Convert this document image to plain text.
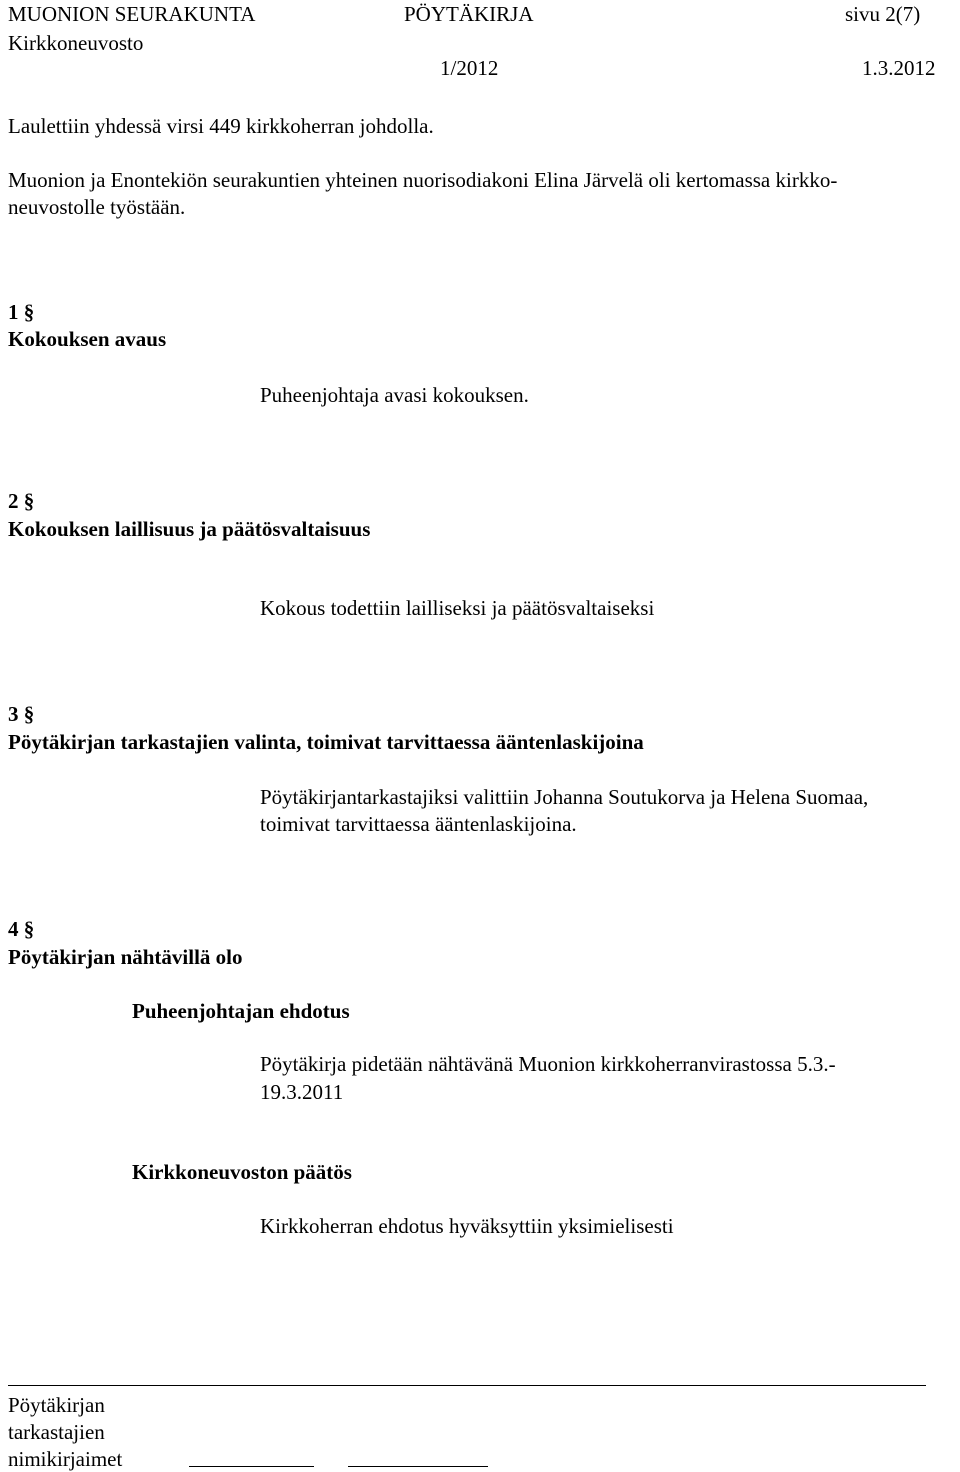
MUONION SEURAKUNTA	PÖYTÄKIRJA	sivu 2(7)
Kirkkoneuvosto
1/2012	1.3.2012
Laulettiin yhdessä virsi 449 kirkkoherran johdolla.
Muonion ja Enontekiön seurakuntien yhteinen nuorisodiakoni Elina Järvelä oli kertomassa kirkko-
neuvostolle työstään.
1 §
Kokouksen avaus
Puheenjohtaja avasi kokouksen.
2 §
Kokouksen laillisuus ja päätösvaltaisuus
Kokous todettiin lailliseksi ja päätösvaltaiseksi
3 §
Pöytäkirjan tarkastajien valinta, toimivat tarvittaessa ääntenlaskijoina
Pöytäkirjantarkastajiksi valittiin Johanna Soutukorva ja Helena Suomaa,
toimivat tarvittaessa ääntenlaskijoina.
4 §
Pöytäkirjan nähtävillä olo
Puheenjohtajan ehdotus
Pöytäkirja pidetään nähtävänä Muonion kirkkoherranvirastossa 5.3.-
19.3.2011
Kirkkoneuvoston päätös
Kirkkoherran ehdotus hyväksyttiin yksimielisesti
Pöytäkirjan
tarkastajien
nimikirjaimet
